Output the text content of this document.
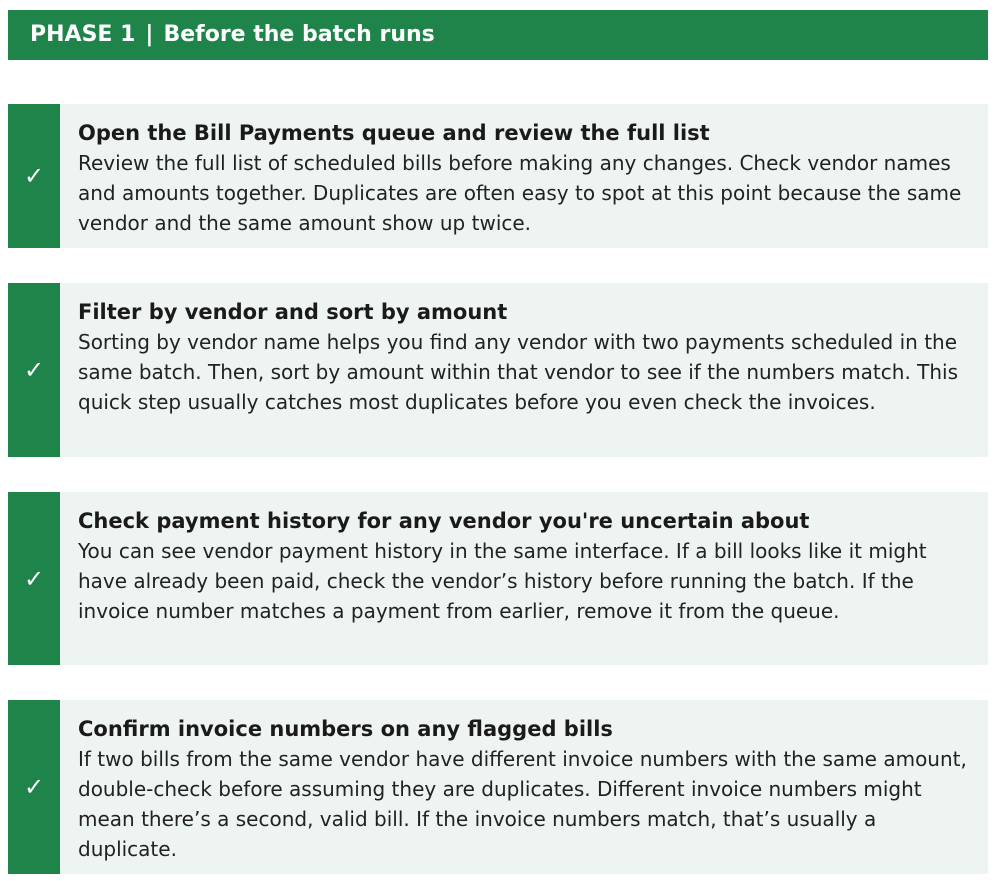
PHASE 1 | Before the batch runs
✓
Open the Bill Payments queue and review the full list
Review the full list of scheduled bills before making any changes. Check vendor names and amounts together. Duplicates are often easy to spot at this point because the same vendor and the same amount show up twice.
✓
Filter by vendor and sort by amount
Sorting by vendor name helps you find any vendor with two payments scheduled in the same batch. Then, sort by amount within that vendor to see if the numbers match. This quick step usually catches most duplicates before you even check the invoices.
✓
Check payment history for any vendor you're uncertain about
You can see vendor payment history in the same interface. If a bill looks like it might have already been paid, check the vendor’s history before running the batch. If the invoice number matches a payment from earlier, remove it from the queue.
✓
Confirm invoice numbers on any flagged bills
If two bills from the same vendor have different invoice numbers with the same amount, double-check before assuming they are duplicates. Different invoice numbers might mean there’s a second, valid bill. If the invoice numbers match, that’s usually a duplicate.
